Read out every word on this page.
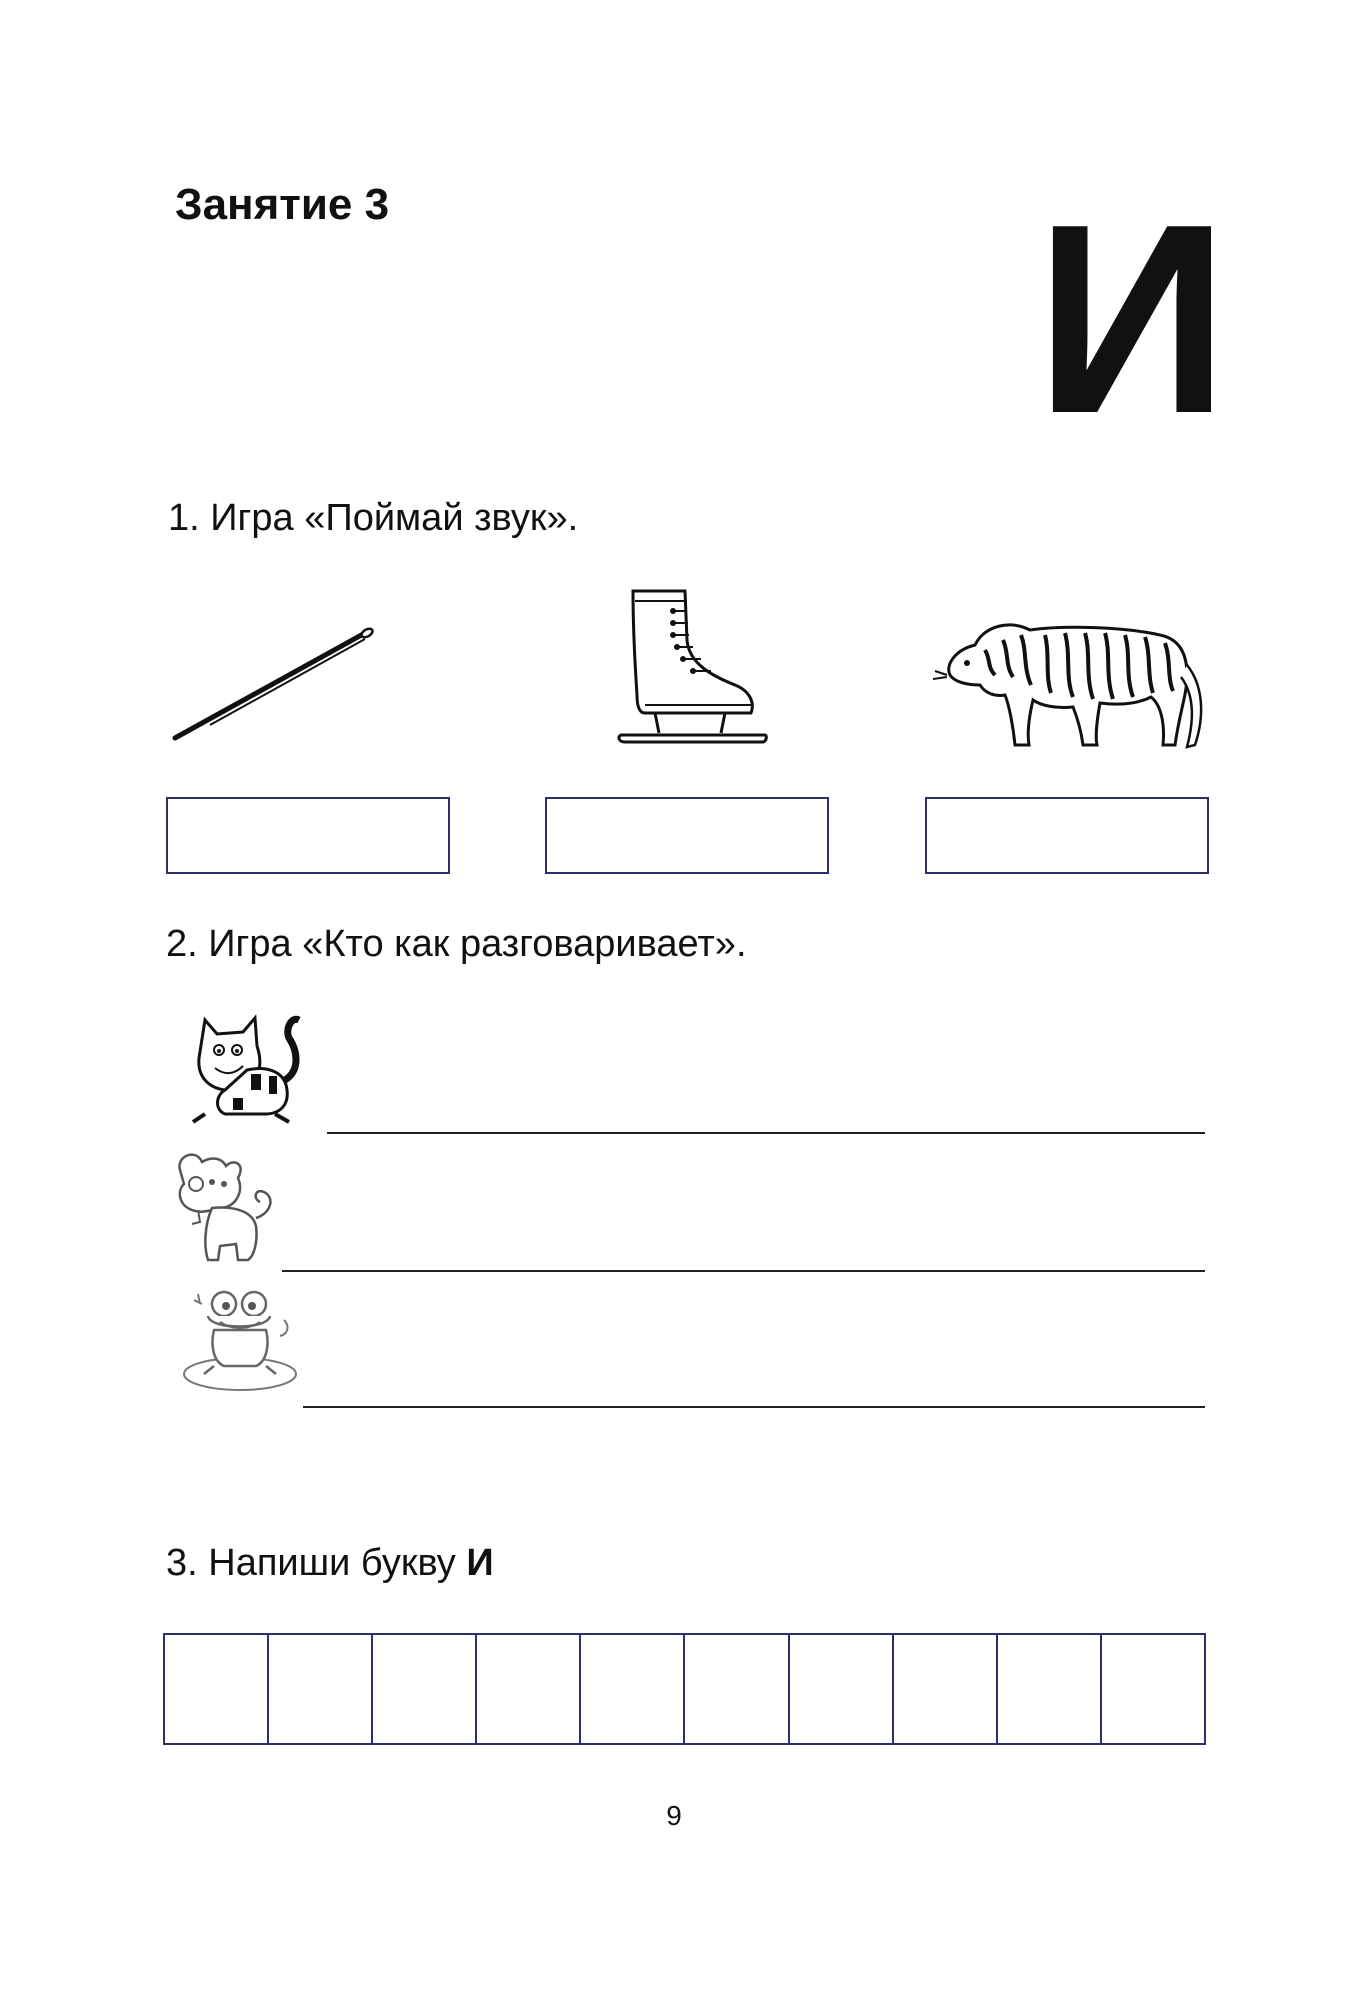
Занятие 3 И
1. Игра «Поймай звук».
2. Игра «Кто как разговаривает».
3. Напиши букву И
9
